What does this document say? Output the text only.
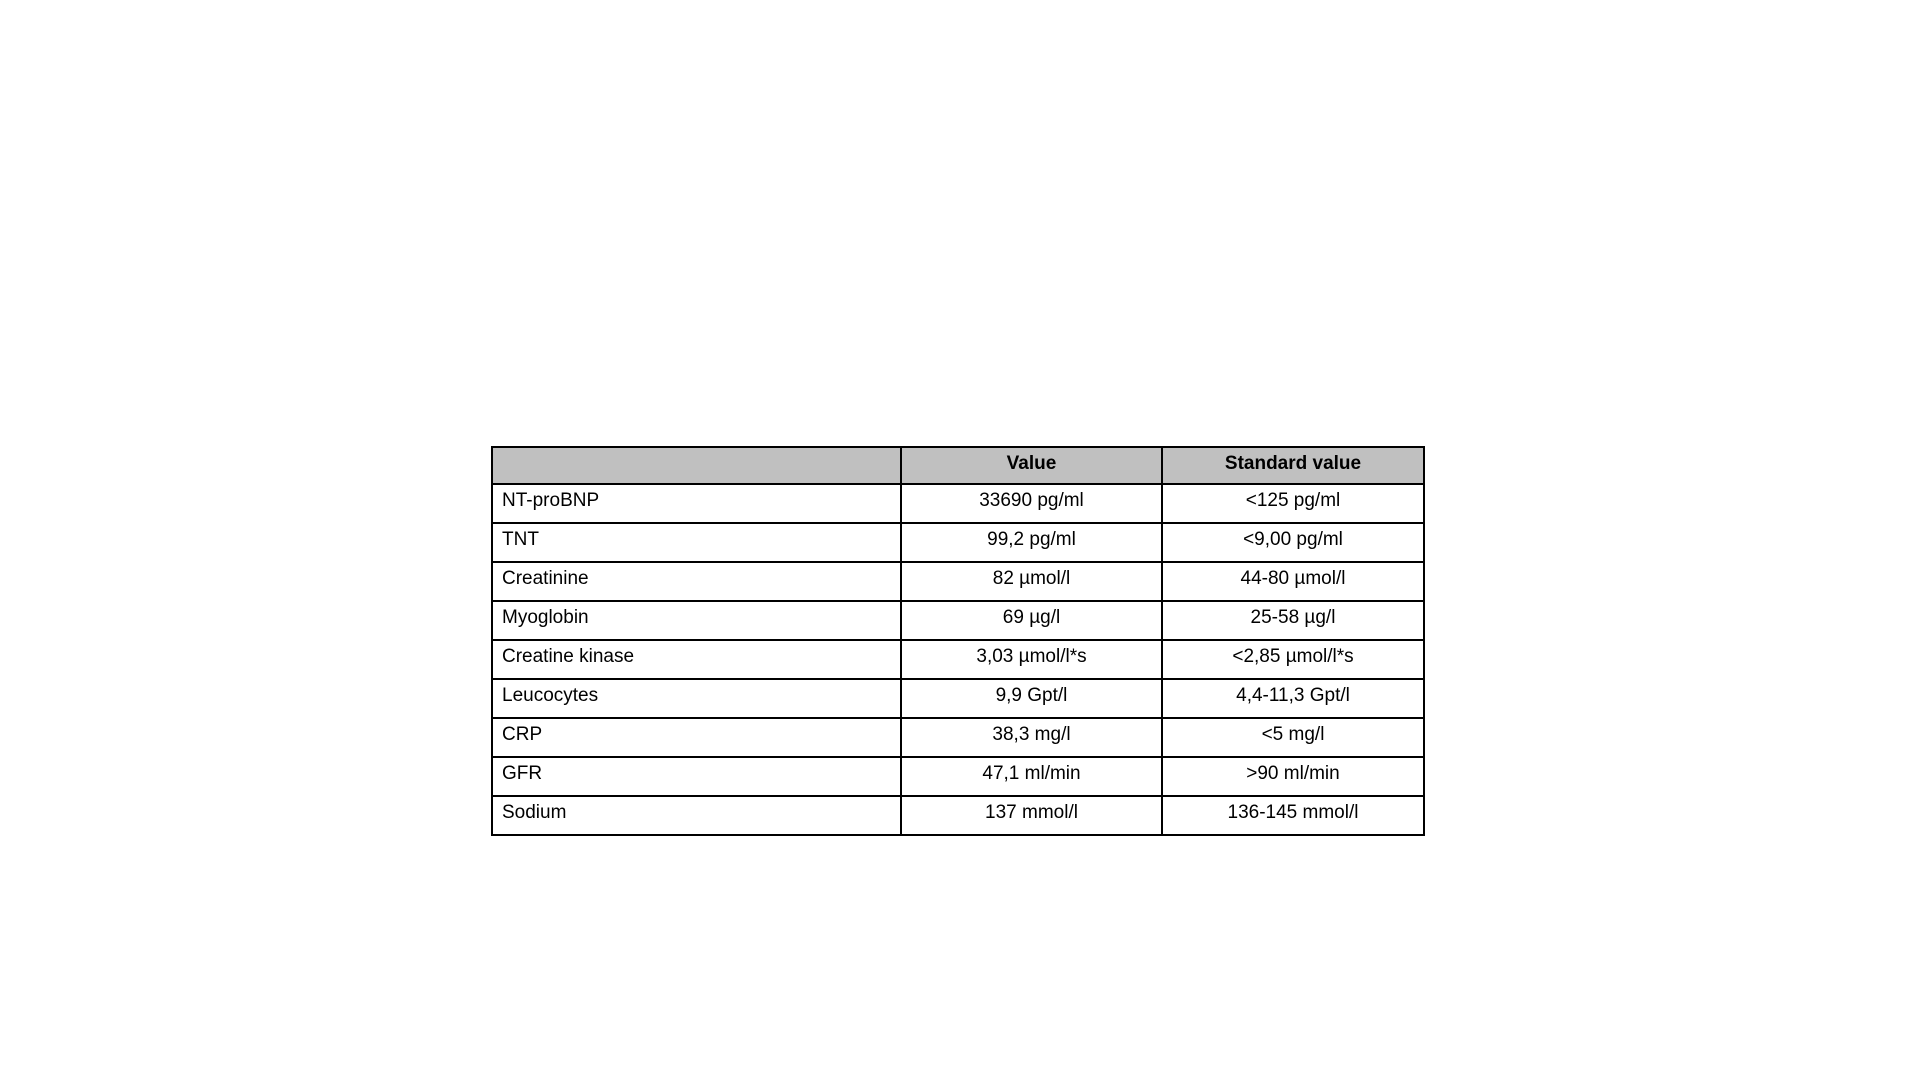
	Value	Standard value
NT-proBNP	33690 pg/ml	<125 pg/ml
TNT	99,2 pg/ml	<9,00 pg/ml
Creatinine	82 µmol/l	44-80 µmol/l
Myoglobin	69 µg/l	25-58 µg/l
Creatine kinase	3,03 µmol/l*s	<2,85 µmol/l*s
Leucocytes	9,9 Gpt/l	4,4-11,3 Gpt/l
CRP	38,3 mg/l	<5 mg/l
GFR	47,1 ml/min	>90 ml/min
Sodium	137 mmol/l	136-145 mmol/l
